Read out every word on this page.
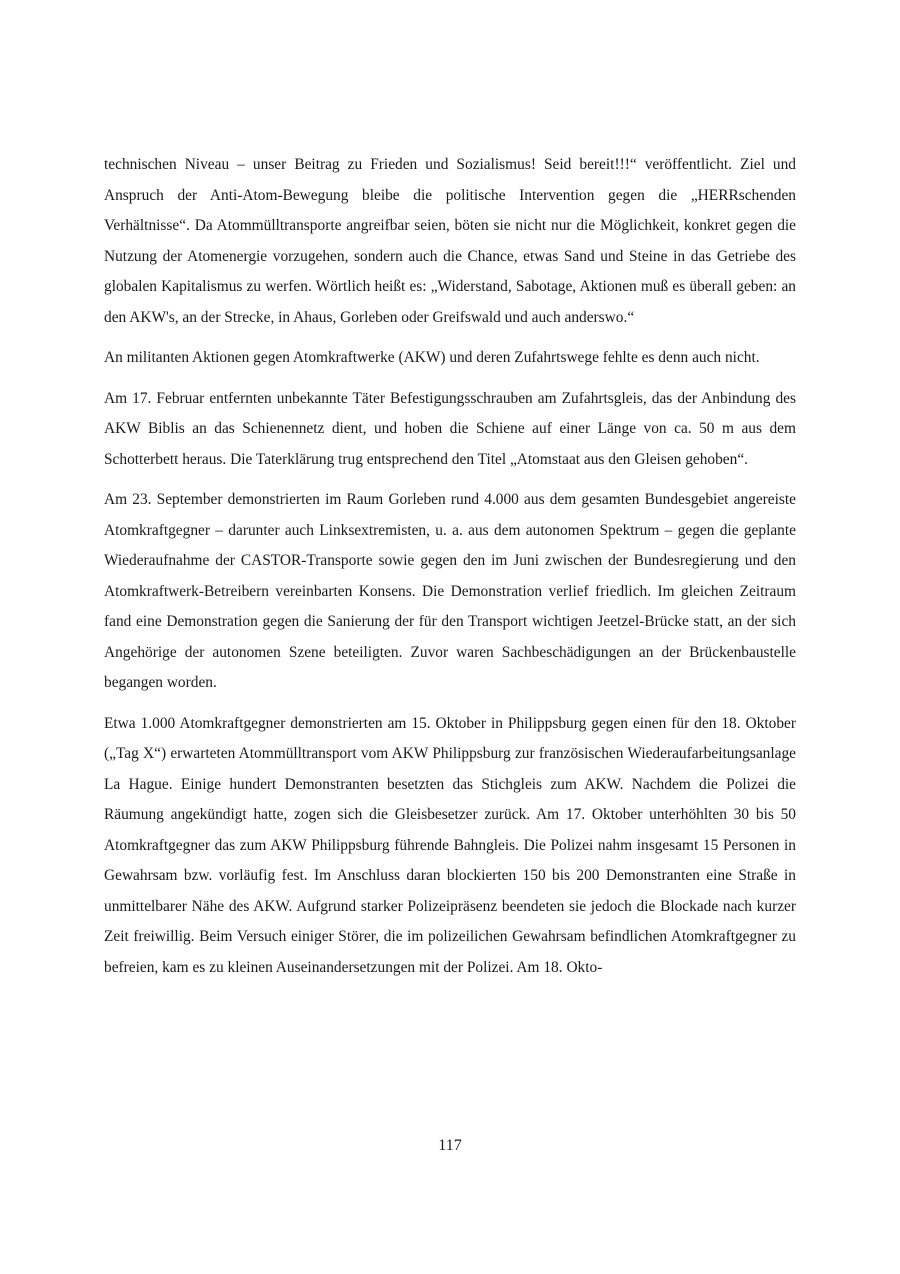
technischen Niveau – unser Beitrag zu Frieden und Sozialismus! Seid bereit!!!“ veröffentlicht. Ziel und Anspruch der Anti-Atom-Bewegung bleibe die politische Intervention gegen die „HERRschenden Verhältnisse“. Da Atommülltransporte angreifbar seien, böten sie nicht nur die Möglichkeit, konkret gegen die Nutzung der Atomenergie vorzugehen, sondern auch die Chance, etwas Sand und Steine in das Getriebe des globalen Kapitalismus zu werfen. Wörtlich heißt es: „Widerstand, Sabotage, Aktionen muß es überall geben: an den AKW's, an der Strecke, in Ahaus, Gorleben oder Greifswald und auch anderswo.“

An militanten Aktionen gegen Atomkraftwerke (AKW) und deren Zufahrtswege fehlte es denn auch nicht.

Am 17. Februar entfernten unbekannte Täter Befestigungsschrauben am Zufahrtsgleis, das der Anbindung des AKW Biblis an das Schienennetz dient, und hoben die Schiene auf einer Länge von ca. 50 m aus dem Schotterbett heraus. Die Taterklärung trug entsprechend den Titel „Atomstaat aus den Gleisen gehoben“.

Am 23. September demonstrierten im Raum Gorleben rund 4.000 aus dem gesamten Bundesgebiet angereiste Atomkraftgegner – darunter auch Linksextremisten, u. a. aus dem autonomen Spektrum – gegen die geplante Wiederaufnahme der CASTOR-Transporte sowie gegen den im Juni zwischen der Bundesregierung und den Atomkraftwerk-Betreibern vereinbarten Konsens. Die Demonstration verlief friedlich. Im gleichen Zeitraum fand eine Demonstration gegen die Sanierung der für den Transport wichtigen Jeetzel-Brücke statt, an der sich Angehörige der autonomen Szene beteiligten. Zuvor waren Sachbeschädigungen an der Brückenbaustelle begangen worden.

Etwa 1.000 Atomkraftgegner demonstrierten am 15. Oktober in Philippsburg gegen einen für den 18. Oktober („Tag X“) erwarteten Atommülltransport vom AKW Philippsburg zur französischen Wiederaufarbeitungsanlage La Hague. Einige hundert Demonstranten besetzten das Stichgleis zum AKW. Nachdem die Polizei die Räumung angekündigt hatte, zogen sich die Gleisbesetzer zurück. Am 17. Oktober unterhöhlten 30 bis 50 Atomkraftgegner das zum AKW Philippsburg führende Bahngleis. Die Polizei nahm insgesamt 15 Personen in Gewahrsam bzw. vorläufig fest. Im Anschluss daran blockierten 150 bis 200 Demonstranten eine Straße in unmittelbarer Nähe des AKW. Aufgrund starker Polizeipräsenz beendeten sie jedoch die Blockade nach kurzer Zeit freiwillig. Beim Versuch einiger Störer, die im polizeilichen Gewahrsam befindlichen Atomkraftgegner zu befreien, kam es zu kleinen Auseinandersetzungen mit der Polizei. Am 18. Okto-

117
